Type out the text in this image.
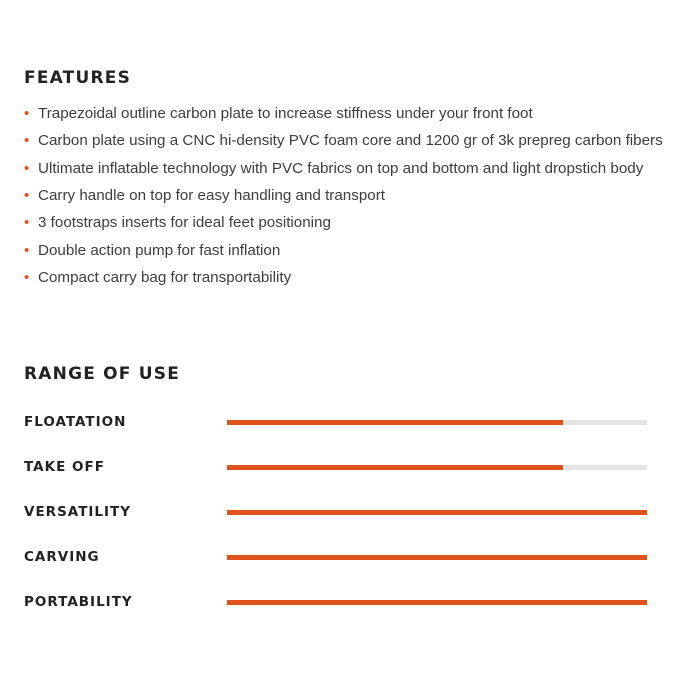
FEATURES
• Trapezoidal outline carbon plate to increase stiffness under your front foot
• Carbon plate using a CNC hi-density PVC foam core and 1200 gr of 3k prepreg carbon fibers
• Ultimate inflatable technology with PVC fabrics on top and bottom and light dropstich body
• Carry handle on top for easy handling and transport
• 3 footstraps inserts for ideal feet positioning
• Double action pump for fast inflation
• Compact carry bag for transportability
RANGE OF USE
FLOATATION
TAKE OFF
VERSATILITY
CARVING
PORTABILITY
